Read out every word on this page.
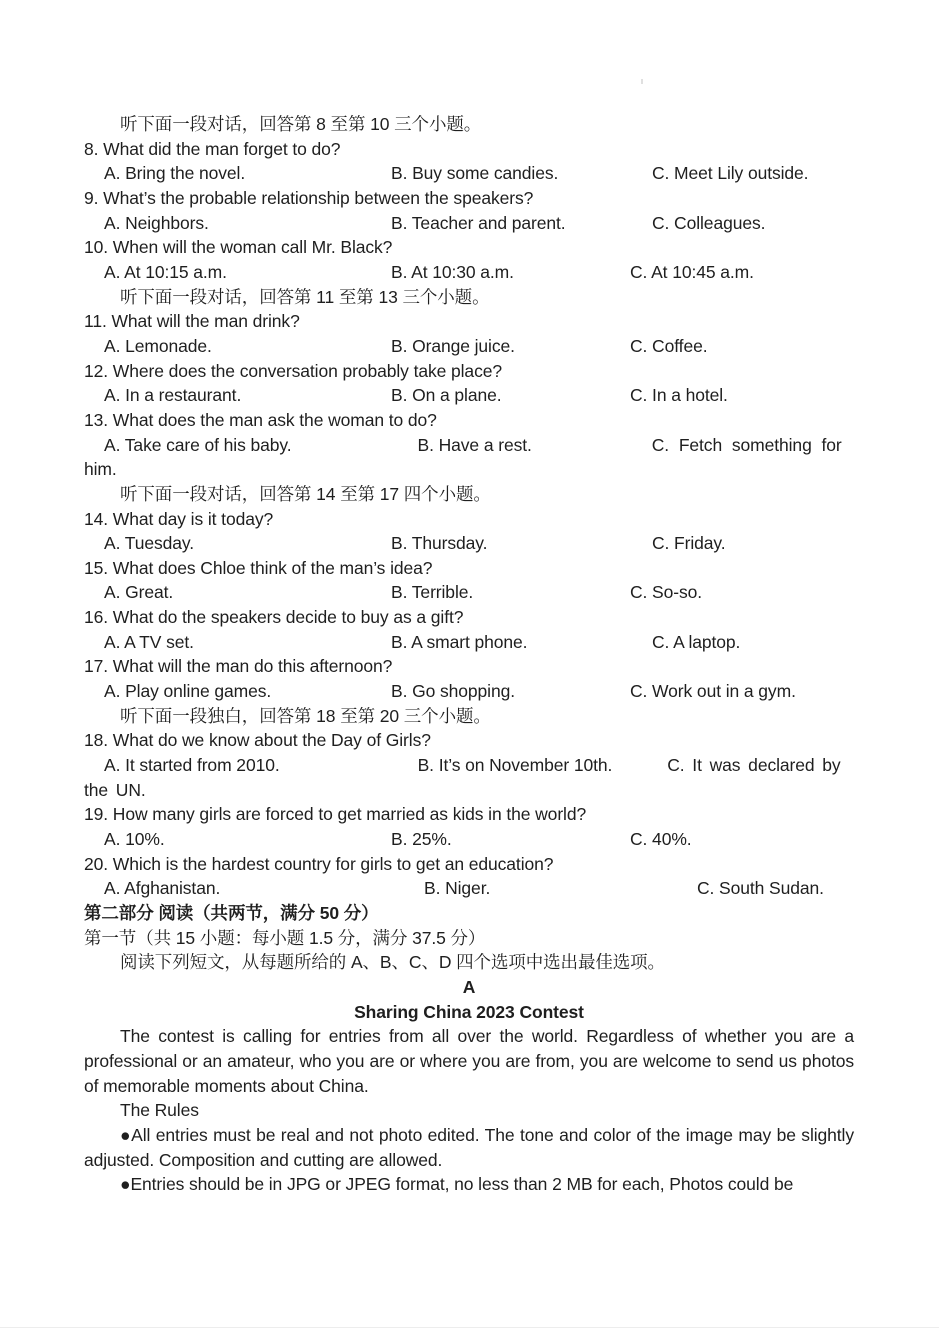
听下面一段对话，回答第 8 至第 10 三个小题。
8. What did the man forget to do?
A. Bring the novel.	B. Buy some candies.	C. Meet Lily outside.
9. What’s the probable relationship between the speakers?
A. Neighbors.	B. Teacher and parent.	C. Colleagues.
10. When will the woman call Mr. Black?
A. At 10:15 a.m.	B. At 10:30 a.m.	C. At 10:45 a.m.
听下面一段对话，回答第 11 至第 13 三个小题。
11. What will the man drink?
A. Lemonade.	B. Orange juice.	C. Coffee.
12. Where does the conversation probably take place?
A. In a restaurant.	B. On a plane.	C. In a hotel.
13. What does the man ask the woman to do?
A. Take care of his baby.	B. Have a rest.	C. Fetch something for him.
听下面一段对话，回答第 14 至第 17 四个小题。
14. What day is it today?
A. Tuesday.	B. Thursday.	C. Friday.
15. What does Chloe think of the man’s idea?
A. Great.	B. Terrible.	C. So-so.
16. What do the speakers decide to buy as a gift?
A. A TV set.	B. A smart phone.	C. A laptop.
17. What will the man do this afternoon?
A. Play online games.	B. Go shopping.	C. Work out in a gym.
听下面一段独白，回答第 18 至第 20 三个小题。
18. What do we know about the Day of Girls?
A. It started from 2010.	B. It’s on November 10th.	C. It was declared by the UN.
19. How many girls are forced to get married as kids in the world?
A. 10%.	B. 25%.	C. 40%.
20. Which is the hardest country for girls to get an education?
A. Afghanistan.	B. Niger.	C. South Sudan.
第二部分 阅读（共两节，满分 50 分）
第一节（共 15 小题：每小题 1.5 分，满分 37.5 分）
阅读下列短文，从每题所给的 A、B、C、D 四个选项中选出最佳选项。
A
Sharing China 2023 Contest
The contest is calling for entries from all over the world. Regardless of whether you are a professional or an amateur, who you are or where you are from, you are welcome to send us photos of memorable moments about China.
The Rules
●All entries must be real and not photo edited. The tone and color of the image may be slightly adjusted. Composition and cutting are allowed.
●Entries should be in JPG or JPEG format, no less than 2 MB for each, Photos could be
